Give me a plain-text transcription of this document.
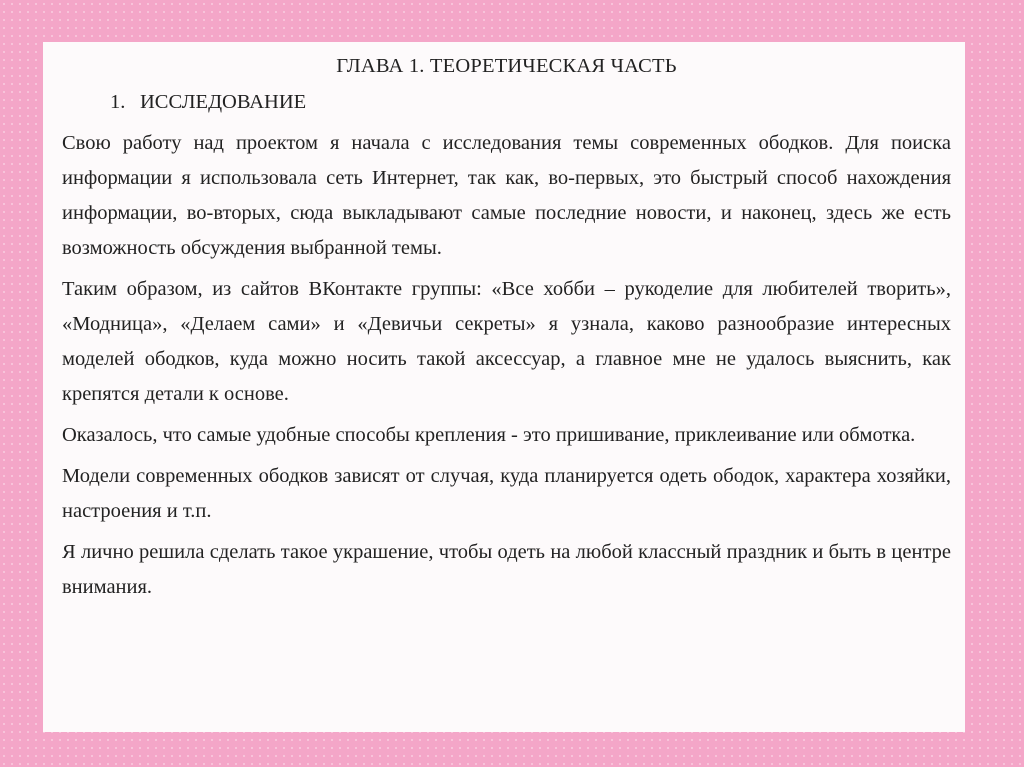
ГЛАВА 1. ТЕОРЕТИЧЕСКАЯ ЧАСТЬ
1. ИССЛЕДОВАНИЕ

Свою работу над проектом я начала с исследования темы современных ободков. Для поиска информации я использовала сеть Интернет, так как, во-первых, это быстрый способ нахождения информации, во-вторых, сюда выкладывают самые последние новости, и наконец, здесь же есть возможность обсуждения выбранной темы.

Таким образом, из сайтов ВКонтакте группы: «Все хобби – рукоделие для любителей творить», «Модница», «Делаем сами» и «Девичьи секреты» я узнала, каково разнообразие интересных моделей ободков, куда можно носить такой аксессуар, а главное мне не удалось выяснить, как крепятся детали к основе.

Оказалось, что самые удобные способы крепления - это пришивание, приклеивание или обмотка.

Модели современных ободков зависят от случая, куда планируется одеть ободок, характера хозяйки, настроения и т.п.

Я лично решила сделать такое украшение, чтобы одеть на любой классный праздник и быть в центре внимания.
